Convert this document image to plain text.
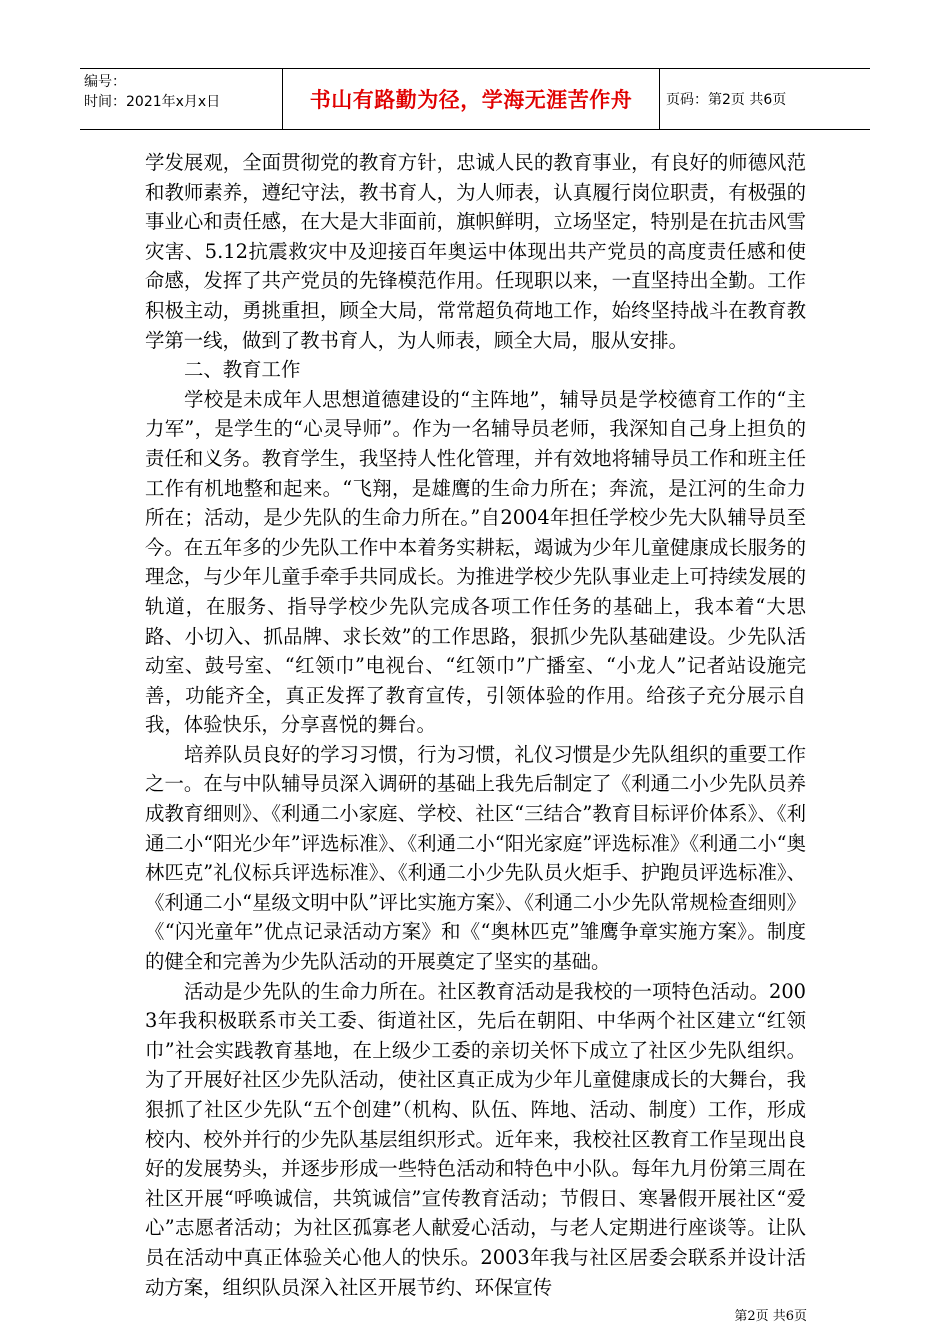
编号：
时间：2021年x月x日	书山有路勤为径，学海无涯苦作舟	页码：第2页 共6页

学发展观，全面贯彻党的教育方针，忠诚人民的教育事业，有良好的师德风范和教师素养，遵纪守法，教书育人，为人师表，认真履行岗位职责，有极强的事业心和责任感，在大是大非面前，旗帜鲜明，立场坚定，特别是在抗击风雪灾害、5.12抗震救灾中及迎接百年奥运中体现出共产党员的高度责任感和使命感，发挥了共产党员的先锋模范作用。任现职以来，一直坚持出全勤。工作积极主动，勇挑重担，顾全大局，常常超负荷地工作，始终坚持战斗在教育教学第一线，做到了教书育人，为人师表，顾全大局，服从安排。

二、教育工作

学校是未成年人思想道德建设的“主阵地”，辅导员是学校德育工作的“主力军”，是学生的“心灵导师”。作为一名辅导员老师，我深知自己身上担负的责任和义务。教育学生，我坚持人性化管理，并有效地将辅导员工作和班主任工作有机地整和起来。“飞翔，是雄鹰的生命力所在；奔流，是江河的生命力所在；活动，是少先队的生命力所在。”自2004年担任学校少先大队辅导员至今。在五年多的少先队工作中本着务实耕耘，竭诚为少年儿童健康成长服务的理念，与少年儿童手牵手共同成长。为推进学校少先队事业走上可持续发展的轨道，在服务、指导学校少先队完成各项工作任务的基础上，我本着“大思路、小切入、抓品牌、求长效”的工作思路，狠抓少先队基础建设。少先队活动室、鼓号室、“红领巾”电视台、“红领巾”广播室、“小龙人”记者站设施完善，功能齐全，真正发挥了教育宣传，引领体验的作用。给孩子充分展示自我，体验快乐，分享喜悦的舞台。

培养队员良好的学习习惯，行为习惯，礼仪习惯是少先队组织的重要工作之一。在与中队辅导员深入调研的基础上我先后制定了《利通二小少先队员养成教育细则》、《利通二小家庭、学校、社区“三结合”教育目标评价体系》、《利通二小“阳光少年”评选标准》、《利通二小“阳光家庭”评选标准》《利通二小“奥林匹克”礼仪标兵评选标准》、《利通二小少先队员火炬手、护跑员评选标准》、《利通二小“星级文明中队”评比实施方案》、《利通二小少先队常规检查细则》《“闪光童年”优点记录活动方案》和《“奥林匹克”雏鹰争章实施方案》。制度的健全和完善为少先队活动的开展奠定了坚实的基础。

活动是少先队的生命力所在。社区教育活动是我校的一项特色活动。2003年我积极联系市关工委、街道社区，先后在朝阳、中华两个社区建立“红领巾”社会实践教育基地，在上级少工委的亲切关怀下成立了社区少先队组织。为了开展好社区少先队活动，使社区真正成为少年儿童健康成长的大舞台，我狠抓了社区少先队“五个创建”（机构、队伍、阵地、活动、制度）工作，形成校内、校外并行的少先队基层组织形式。近年来，我校社区教育工作呈现出良好的发展势头，并逐步形成一些特色活动和特色中小队。每年九月份第三周在社区开展“呼唤诚信，共筑诚信”宣传教育活动；节假日、寒暑假开展社区“爱心”志愿者活动；为社区孤寡老人献爱心活动，与老人定期进行座谈等。让队员在活动中真正体验关心他人的快乐。2003年我与社区居委会联系并设计活动方案，组织队员深入社区开展节约、环保宣传

第2页 共6页
